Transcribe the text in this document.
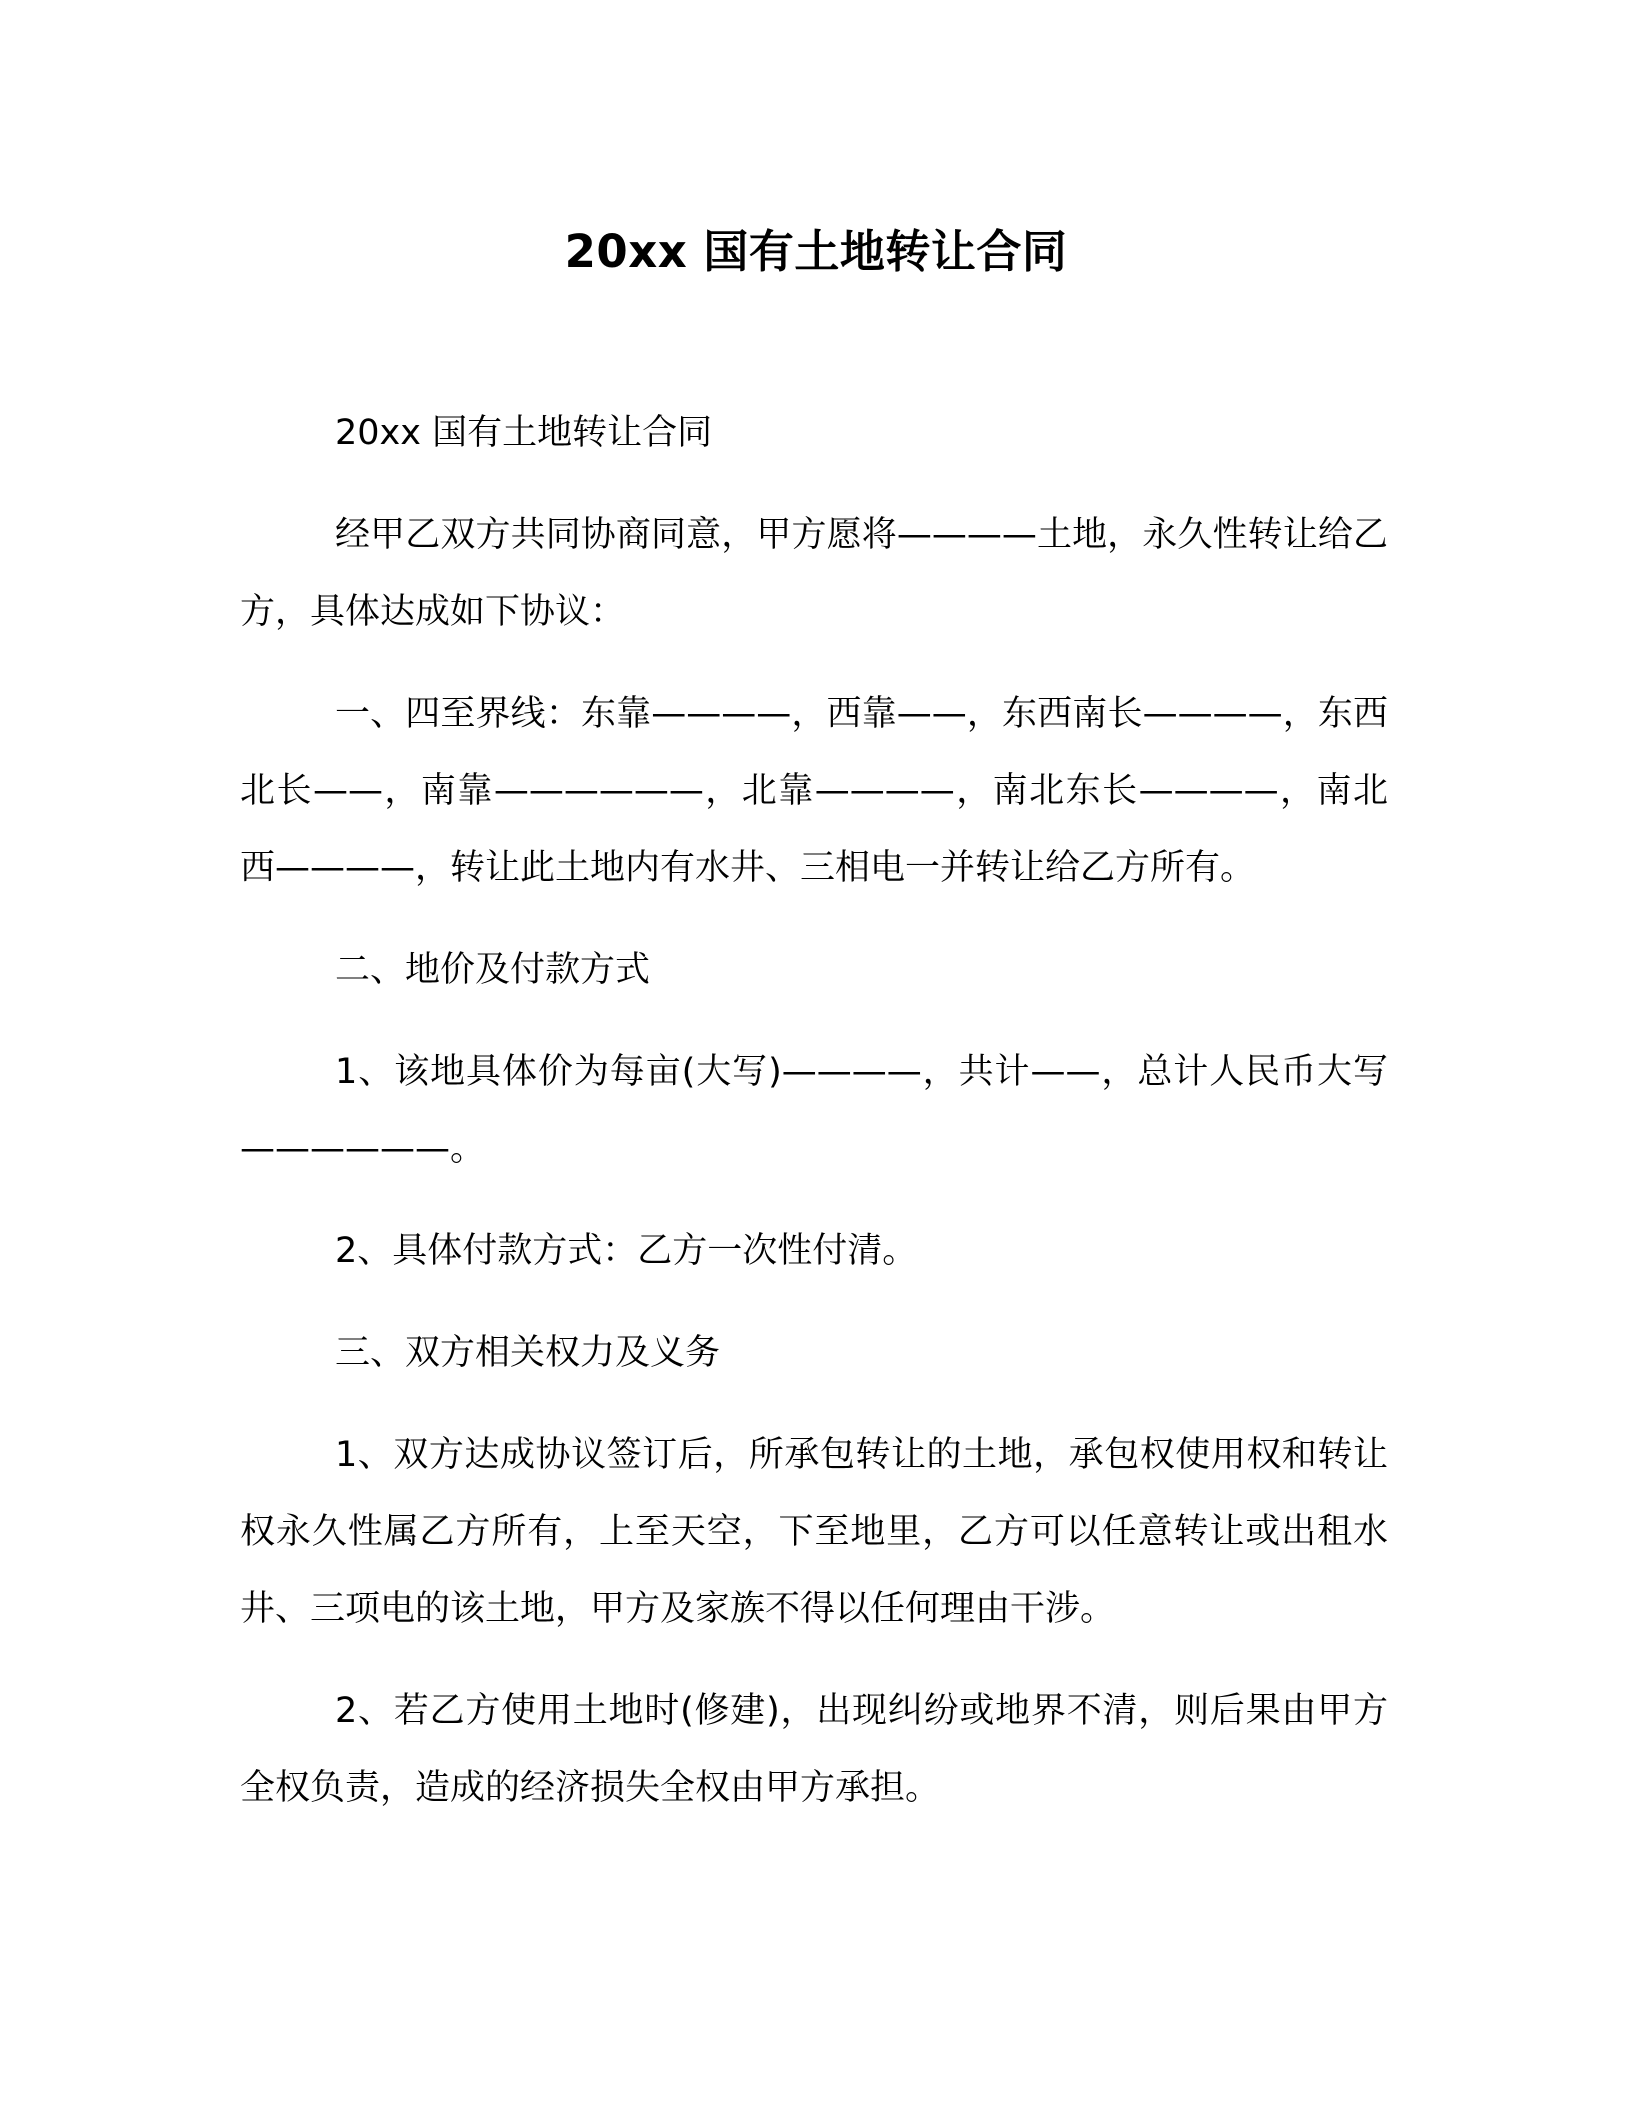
20xx 国有土地转让合同

20xx 国有土地转让合同

经甲乙双方共同协商同意，甲方愿将————土地，永久性转让给乙方，具体达成如下协议：

一、四至界线：东靠————，西靠——，东西南长————，东西北长——，南靠——————，北靠————，南北东长————，南北西————，转让此土地内有水井、三相电一并转让给乙方所有。

二、地价及付款方式

1、该地具体价为每亩(大写)————，共计——，总计人民币大写——————。

2、具体付款方式：乙方一次性付清。

三、双方相关权力及义务

1、双方达成协议签订后，所承包转让的土地，承包权使用权和转让权永久性属乙方所有，上至天空，下至地里，乙方可以任意转让或出租水井、三项电的该土地，甲方及家族不得以任何理由干涉。

2、若乙方使用土地时(修建)，出现纠纷或地界不清，则后果由甲方全权负责，造成的经济损失全权由甲方承担。
